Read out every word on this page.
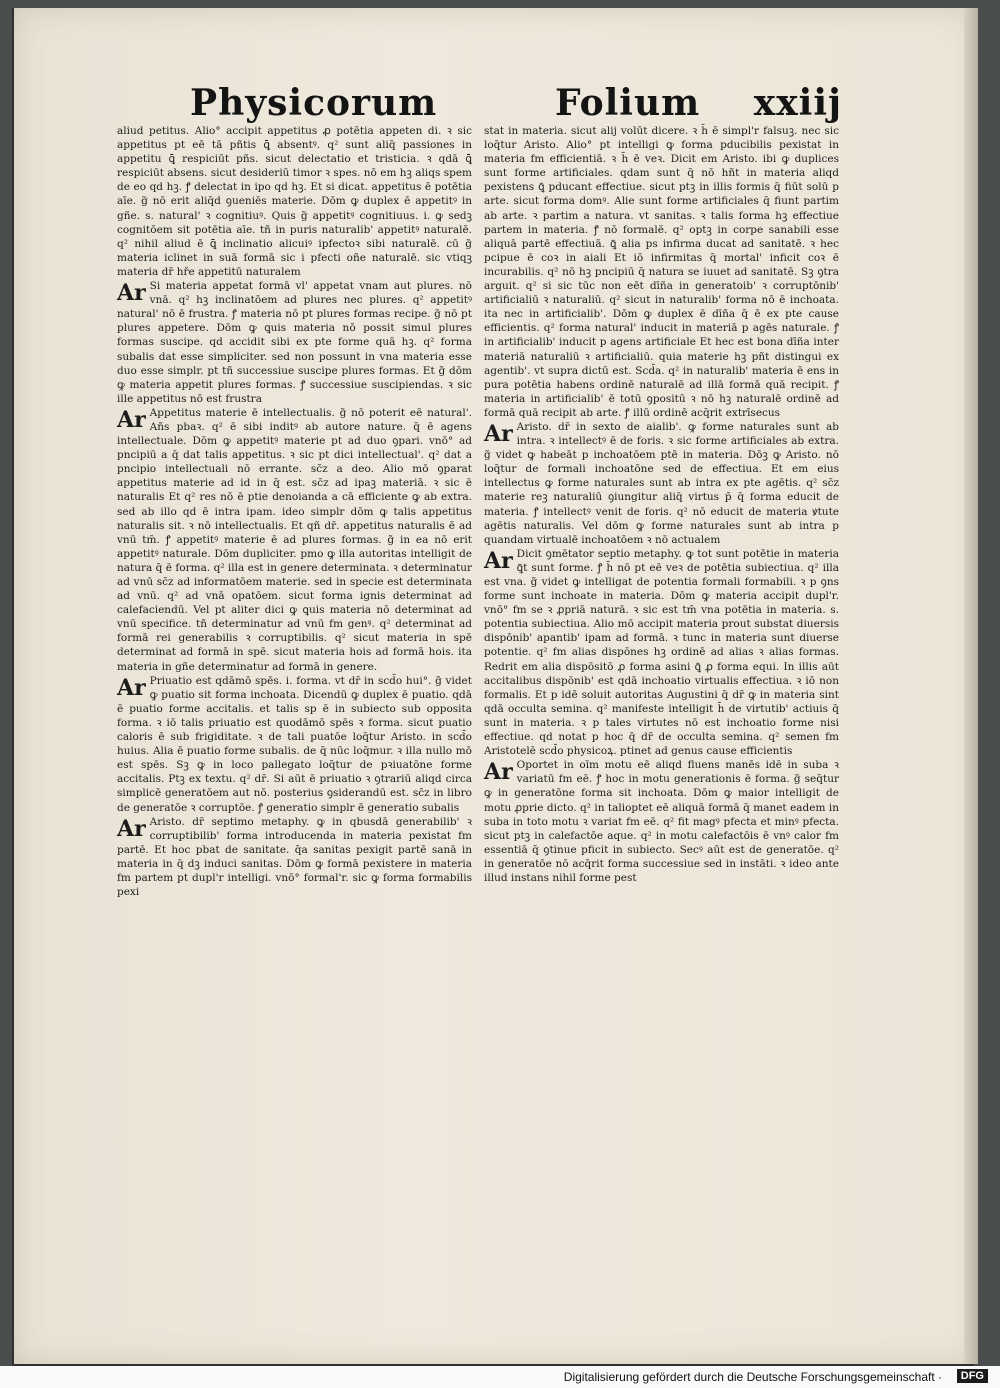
Physicorum	Folium xxiij

aliud petitus. Alio° accipit appetitus ꝓ potētia appeten di. ꝛ sic appetitus pt eē tā pñtis ꝗ̄ absentꝰ. q² sunt aliq̄ passiones in appetitu ꝗ̄ respiciūt pñs. sicut delectatio et tristicia. ꝛ qdā ꝗ̄ respiciūt absens. sicut desideriū timor ꝛ spes. nō em hꝫ aliqs spem de eo qd hꝫ. ꝭ delectat in ipo qd hꝫ. Et si dicat. appetitus ē potētia aīe. g̃ nō erit aliq̄d ꝯueniēs materie. Dōm ꝙ duplex ē appetitꝰ in gñe. s. natural' ꝛ cognitiuꝰ. Quis g̃ appetitꝰ cognitiuus. i. ꝙ sedꝫ cognitōem sit potētia aīe. tñ in puris naturalib' appetitꝰ naturalē. q² nihil aliud ē ꝗ̄ inclinatio alicuiꝰ ipfectoꝛ sibi naturalē. cū g̃ materia iclinet in suā formā sic i pfecti oñe naturalē. sic vtiqꝫ materia dr̄ hře appetitū naturalem

Ar Si materia appetat formā vl' appetat vnam aut plures. nō vnā. q² hꝫ inclinatōem ad plures nec plures. q² appetitꝰ natural' nō ē frustra. ꝭ materia nō pt plures formas recipe. g̃ nō pt plures appetere. Dōm ꝙ ꝗuis materia nō possit simul plures formas suscipe. qd accidit sibi ex pte forme quā hꝫ. q² forma subalis dat esse simpliciter. sed non possunt in vna materia esse duo esse simplr. pt tñ successiue suscipe plures formas. Et g̃ dōm ꝙ materia appetit plures formas. ꝭ successiue suscipiendas. ꝛ sic ille appetitus nō est frustra

Ar Appetitus materie ē intellectualis. g̃ nō poterit eē natural'. Añs pbaꝛ. q² ē sibi inditꝰ ab autore nature. q̄ ē agens intellectuale. Dōm ꝙ appetitꝰ materie pt ad duo ꝯpari. vnō° ad pncipiū a q̄ dat talis appetitus. ꝛ sic pt dici intellectual'. q² dat a pncipio intellectuali nō errante. sc̄z a deo. Alio mō ꝯparat appetitus materie ad id in q̄ est. sc̄z ad ipaꝫ materiā. ꝛ sic ē naturalis Et q² res nō ē ptie denoianda a cā efficiente ꝙ ab extra. sed ab illo qd ē intra ipam. ideo simplr dōm ꝙ talis appetitus naturalis sit. ꝛ nō intellectualis. Et qñ dr̄. appetitus naturalis ē ad vnū tm̄. ꝭ appetitꝰ materie ē ad plures formas. g̃ in ea nō erit appetitꝰ naturale. Dōm dupliciter. pmo ꝙ illa autoritas intelligit de natura q̄ ē forma. q² illa est in genere determinata. ꝛ determinatur ad vnū sc̄z ad informatōem materie. sed in specie est determinata ad vnū. q² ad vnā opatōem. sicut forma ignis determinat ad calefaciendū. Vel pt aliter dici ꝙ ꝗuis materia nō determinat ad vnū specifice. tñ determinatur ad vnū fm genꝰ. q² determinat ad formā rei generabilis ꝛ corruptibilis. q² sicut materia in spē determinat ad formā in spē. sicut materia hois ad formā hois. ita materia in gñe determinatur ad formā in genere.

Ar Priuatio est qdāmō spēs. i. forma. vt dr̄ in scd̄o hui°. g̃ videt ꝙ puatio sit forma inchoata. Dicendū ꝙ duplex ē puatio. qdā ē puatio forme accitalis. et talis sp ē in subiecto sub opposita forma. ꝛ iō talis priuatio est quodāmō spēs ꝛ forma. sicut puatio caloris ē sub frigiditate. ꝛ de tali puatōe loq̄tur Aristo. in scd̄o huius. Alia ē puatio forme subalis. de q̄ nūc loq̄mur. ꝛ illa nullo mō est spēs. Sꝫ ꝙ in loco pallegato loq̄tur de pꝛiuatōne forme accitalis. Ptꝫ ex textu. q² dr̄. Si aūt ē priuatio ꝛ ꝯtrariū aliqd circa simplicē generatōem aut nō. posterius ꝯsiderandū est. sc̄z in libro de generatōe ꝛ corruptōe. ꝭ generatio simplr ē generatio subalis

Ar Aristo. dr̄ septimo metaphy. ꝙ in qbusdā generabilib' ꝛ corruptibilib' forma introducenda in materia pexistat fm partē. Et hoc pbat de sanitate. q̄a sanitas pexigit partē sanā in materia in q̄ dꝫ induci sanitas. Dōm ꝙ formā pexistere in materia fm partem pt dupl'r intelligi. vnō° formal'r. sic ꝙ forma formabilis pexi

stat in materia. sicut alij volūt dicere. ꝛ h̄ ē simpl'r falsuꝫ. nec sic loq̄tur Aristo. Alio° pt intelligi ꝙ forma pducibilis pexistat in materia fm efficientiā. ꝛ h̄ ē veꝛ. Dicit em Aristo. ibi ꝙ duplices sunt forme artificiales. qdam sunt q̄ nō hñt in materia aliqd pexistens ꝗ̄ pducant effectiue. sicut ptꝫ in illis formis q̄ fiūt solū p arte. sicut forma domꝰ. Alie sunt forme artificiales q̄ fiunt partim ab arte. ꝛ partim a natura. vt sanitas. ꝛ talis forma hꝫ effectiue partem in materia. ꝭ nō formalē. q² optꝫ in corpe sanabili esse aliquā partē effectiuā. ꝗ̄ alia ps infirma ducat ad sanitatē. ꝛ hec pcipue ē coꝛ in aiali Et iō infirmitas q̄ mortal' inficit coꝛ ē incurabilis. q² nō hꝫ pncipiū q̄ natura se iuuet ad sanitatē. Sꝫ ꝯtra arguit. q² si sic tūc non eēt dīña in generatoib' ꝛ corruptōnib' artificialiū ꝛ naturaliū. q² sicut in naturalib' forma nō ē inchoata. ita nec in artificialib'. Dōm ꝙ duplex ē dīña q̄ ē ex pte cause efficientis. q² forma natural' inducit in materiā p agēs naturale. ꝭ in artificialib' inducit p agens artificiale Et hec est bona dīña inter materiā naturaliū ꝛ artificialiū. quia materie hꝫ pñt distingui ex agentib'. vt supra dictū est. Scd̄a. q² in naturalib' materia ē ens in pura potētia habens ordinē naturalē ad illā formā quā recipit. ꝭ materia in artificialib' ē totū ꝯpositū ꝛ nō hꝫ naturalē ordinē ad formā quā recipit ab arte. ꝭ illū ordinē acq̄rit extrīsecus

Ar Aristo. dr̄ in sexto de aialib'. ꝙ forme naturales sunt ab intra. ꝛ intellectꝰ ē de foris. ꝛ sic forme artificiales ab extra. g̃ videt ꝙ habeāt p inchoatōem ptē in materia. Dōꝫ ꝙ Aristo. nō loq̄tur de formali inchoatōne sed de effectiua. Et em eius intellectus ꝙ forme naturales sunt ab intra ex pte agētis. q² sc̄z materie reꝫ naturaliū ꝯiungitur aliq̄ virtus p̄ q̄ forma educit de materia. ꝭ intellectꝰ venit de foris. q² nō educit de materia ꝟtute agētis naturalis. Vel dōm ꝙ forme naturales sunt ab intra p quandam virtualē inchoatōem ꝛ nō actualem

Ar Dicit ꝯmētator septio metaphy. ꝙ tot sunt potētie in materia ꝗ̄t sunt forme. ꝭ h̄ nō pt eē veꝛ de potētia subiectiua. q² illa est vna. g̃ videt ꝙ intelligat de potentia formali formabili. ꝛ p ꝯns forme sunt inchoate in materia. Dōm ꝙ materia accipit dupl'r. vnō° fm se ꝛ ꝓpriā naturā. ꝛ sic est tm̄ vna potētia in materia. s. potentia subiectiua. Alio mō accipit materia prout substat diuersis dispōnib' apantib' ipam ad formā. ꝛ tunc in materia sunt diuerse potentie. q² fm alias dispōnes hꝫ ordinē ad alias ꝛ alias formas. Redrit em alia dispōsitō ꝓ forma asini ꝗ̄ ꝓ forma equi. In illis aūt accitalibus dispōnib' est qdā inchoatio virtualis effectiua. ꝛ iō non formalis. Et p idē soluit autoritas Augustini q̄ dr̄ ꝙ in materia sint qdā occulta semina. q² manifeste intelligit h̄ de virtutib' actiuis q̄ sunt in materia. ꝛ p tales virtutes nō est inchoatio forme nisi effectiue. qd notat p hoc q̄ dr̄ de occulta semina. q² semen fm Aristotelē scd̄o physicoꝝ. ptinet ad genus cause efficientis

Ar Oportet in oīm motu eē aliqd fluens manēs idē in suba ꝛ variatū fm eē. ꝭ hoc in motu generationis ē forma. g̃ seq̄tur ꝙ in generatōne forma sit inchoata. Dōm ꝙ maior intelligit de motu ꝓprie dicto. q² in talioptet eē aliquā formā q̄ manet eadem in suba in toto motu ꝛ variat fm eē. q² fit magꝰ pfecta et minꝰ pfecta. sicut ptꝫ in calefactōe aque. q² in motu calefactōis ē vnꝰ calor fm essentiā q̄ ꝯtinue pficit in subiecto. Secꝰ aūt est de generatōe. q² in generatōe nō acq̄rit forma successiue sed in instāti. ꝛ ideo ante illud instans nihil forme pest

Digitalisierung gefördert durch die Deutsche Forschungsgemeinschaft ·	DFG
